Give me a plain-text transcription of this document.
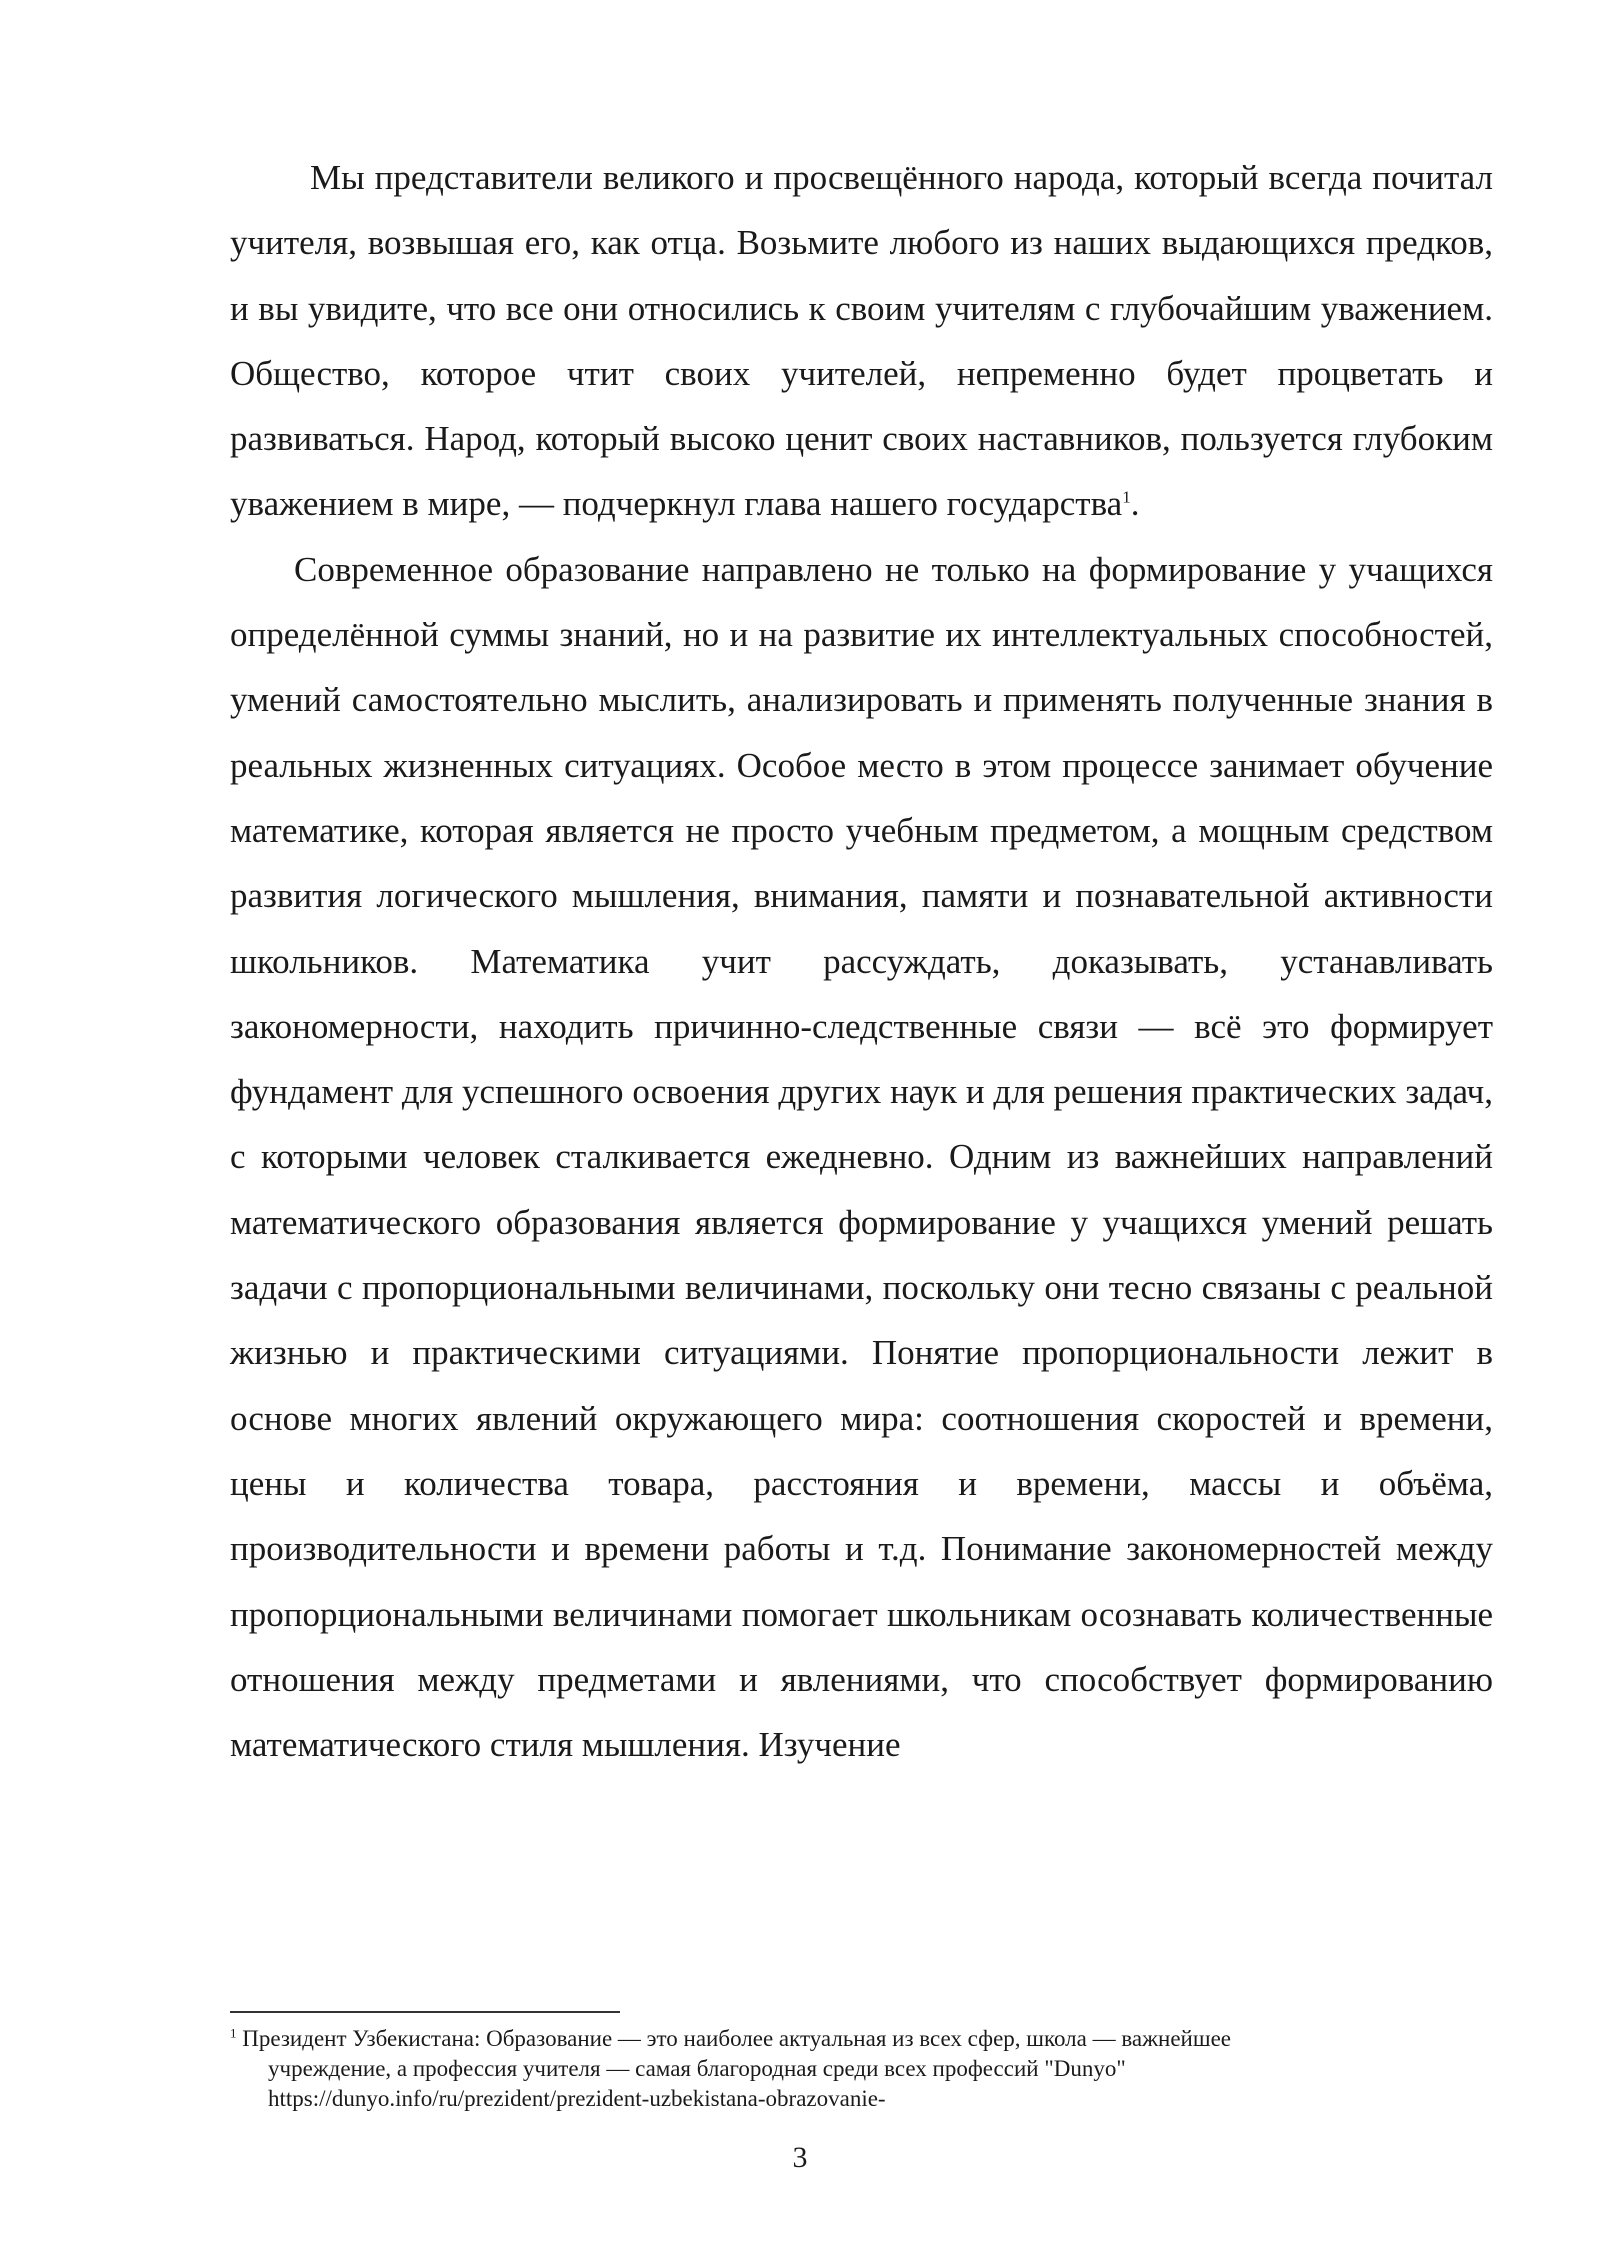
Мы представители великого и просвещённого народа, который всегда почитал учителя, возвышая его, как отца. Возьмите любого из наших выдающихся предков, и вы увидите, что все они относились к своим учителям с глубочайшим уважением. Общество, которое чтит своих учителей, непременно будет процветать и развиваться. Народ, который высоко ценит своих наставников, пользуется глубоким уважением в мире, — подчеркнул глава нашего государства$^1$.

Современное образование направлено не только на формирование у учащихся определённой суммы знаний, но и на развитие их интеллектуальных способностей, умений самостоятельно мыслить, анализировать и применять полученные знания в реальных жизненных ситуациях. Особое место в этом процессе занимает обучение математике, которая является не просто учебным предметом, а мощным средством развития логического мышления, внимания, памяти и познавательной активности школьников. Математика учит рассуждать, доказывать, устанавливать закономерности, находить причинно-следственные связи — всё это формирует фундамент для успешного освоения других наук и для решения практических задач, с которыми человек сталкивается ежедневно. Одним из важнейших направлений математического образования является формирование у учащихся умений решать задачи с пропорциональными величинами, поскольку они тесно связаны с реальной жизнью и практическими ситуациями. Понятие пропорциональности лежит в основе многих явлений окружающего мира: соотношения скоростей и времени, цены и количества товара, расстояния и времени, массы и объёма, производительности и времени работы и т.д. Понимание закономерностей между пропорциональными величинами помогает школьникам осознавать количественные отношения между предметами и явлениями, что способствует формированию математического стиля мышления. Изучение

$^1$ Президент Узбекистана: Образование — это наиболее актуальная из всех сфер, школа — важнейшее
учреждение, а профессия учителя — самая благородная среди всех профессий "Dunyo"
https://dunyo.info/ru/prezident/prezident-uzbekistana-obrazovanie-
3
